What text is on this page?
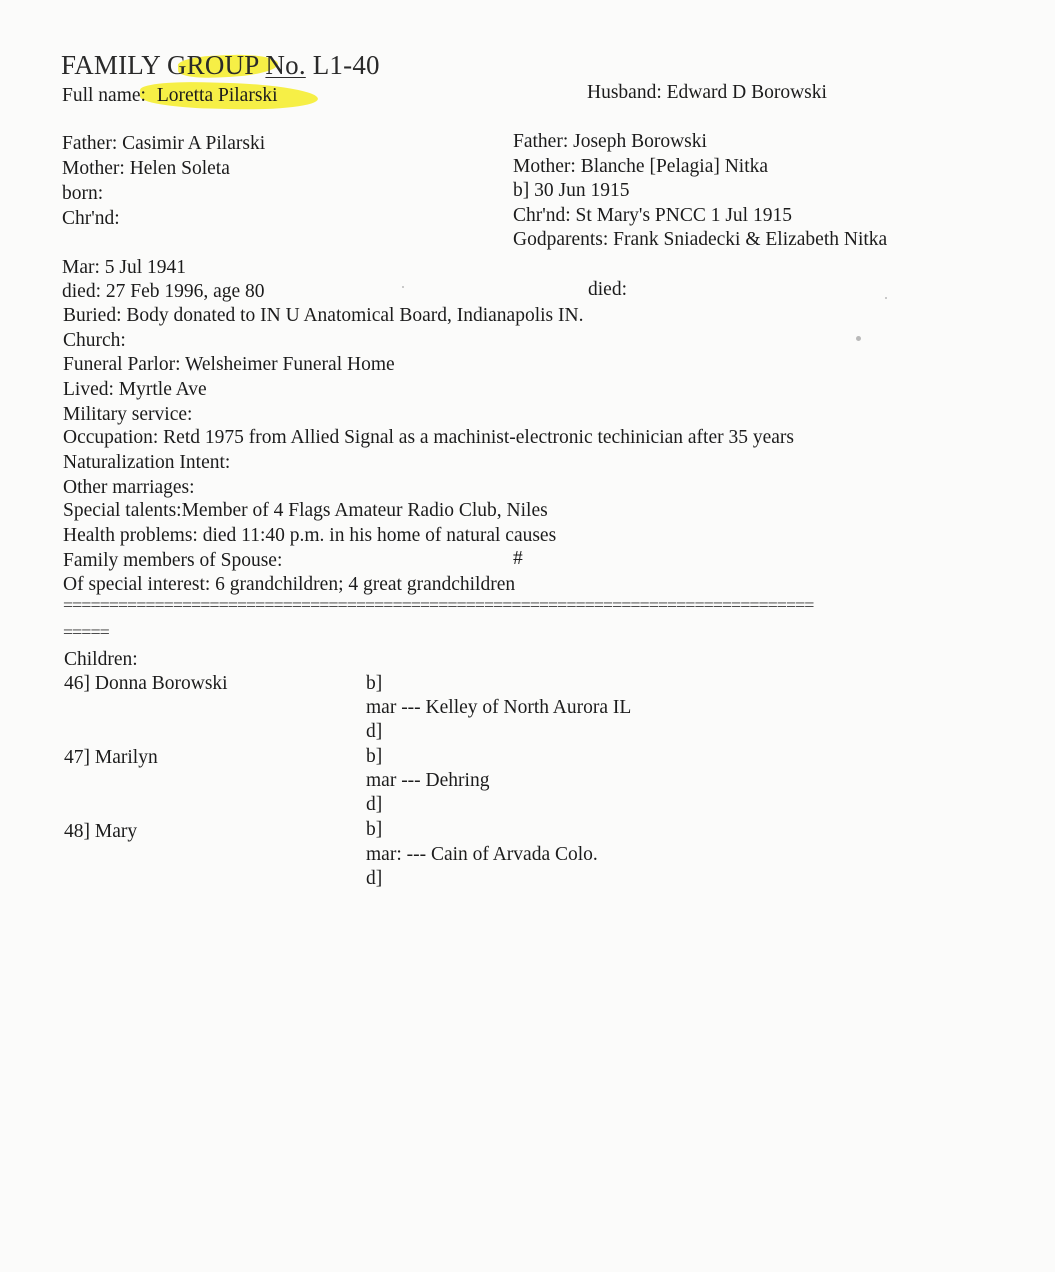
FAMILY GROUP No. L1-40
Full name: Loretta Pilarski	Husband: Edward D Borowski
Father: Casimir A Pilarski
Mother: Helen Soleta
born:
Chr'nd:
Father: Joseph Borowski
Mother: Blanche [Pelagia] Nitka
b] 30 Jun 1915
Chr'nd: St Mary's PNCC 1 Jul 1915
Godparents: Frank Sniadecki & Elizabeth Nitka
Mar: 5 Jul 1941
died: 27 Feb 1996, age 80	died:
Buried: Body donated to IN U Anatomical Board, Indianapolis IN.
Church:
Funeral Parlor: Welsheimer Funeral Home
Lived: Myrtle Ave
Military service:
Occupation: Retd 1975 from Allied Signal as a machinist-electronic techinician after 35 years
Naturalization Intent:
Other marriages:
Special talents:Member of 4 Flags Amateur Radio Club, Niles
Health problems: died 11:40 p.m. in his home of natural causes
Family members of Spouse:	#
Of special interest: 6 grandchildren; 4 great grandchildren
==================================================================================
=====
Children:
46] Donna Borowski	b]
mar --- Kelley of North Aurora IL
d]
47] Marilyn	b]
mar --- Dehring
d]
48] Mary	b]
mar: --- Cain of Arvada Colo.
d]
